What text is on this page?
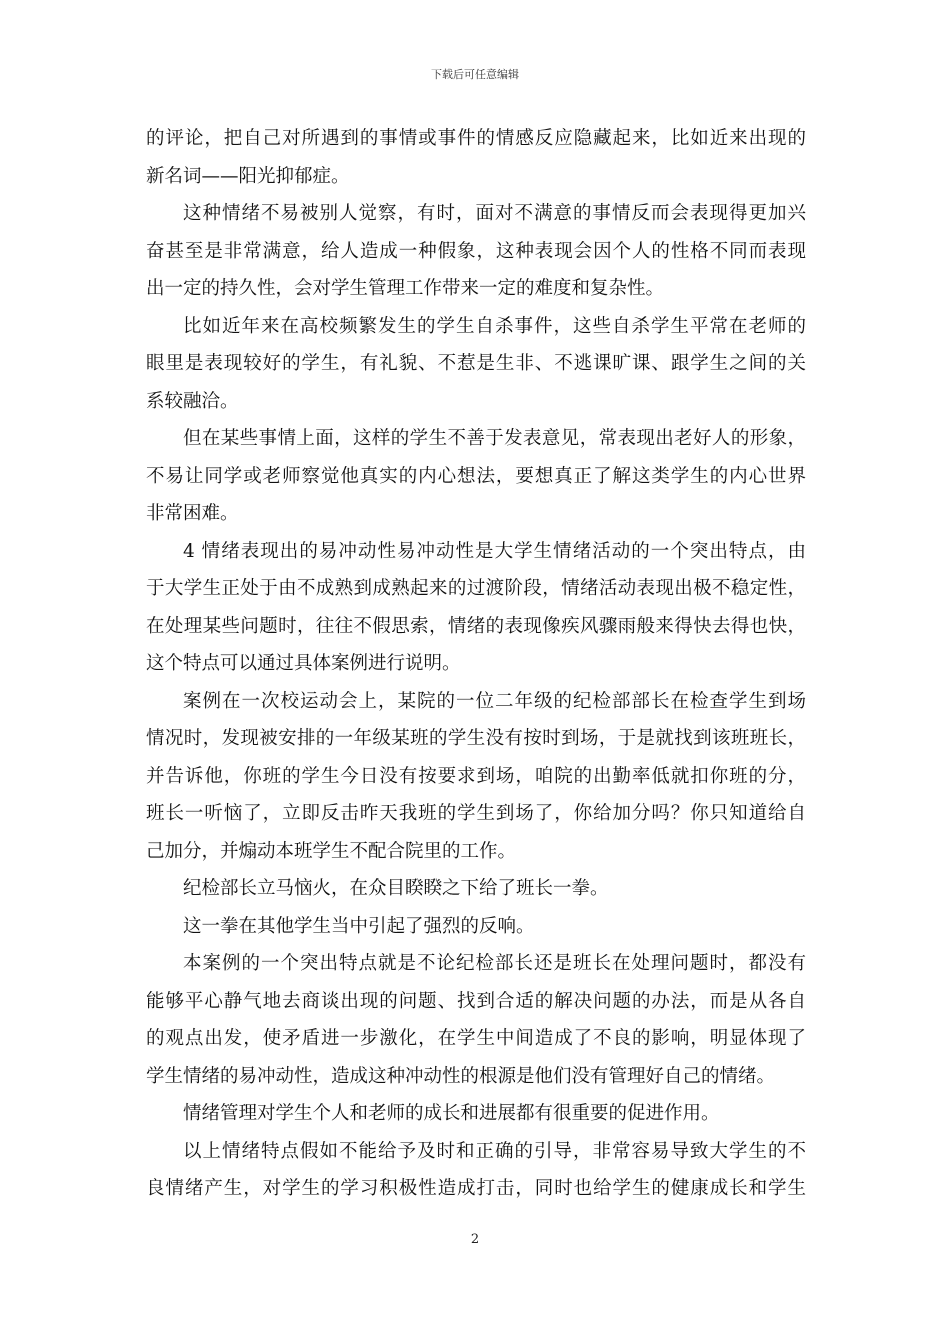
下载后可任意编辑
的评论，把自己对所遇到的事情或事件的情感反应隐藏起来，比如近来出现的
新名词——阳光抑郁症。
这种情绪不易被别人觉察，有时，面对不满意的事情反而会表现得更加兴
奋甚至是非常满意，给人造成一种假象，这种表现会因个人的性格不同而表现
出一定的持久性，会对学生管理工作带来一定的难度和复杂性。
比如近年来在高校频繁发生的学生自杀事件，这些自杀学生平常在老师的
眼里是表现较好的学生，有礼貌、不惹是生非、不逃课旷课、跟学生之间的关
系较融洽。
但在某些事情上面，这样的学生不善于发表意见，常表现出老好人的形象，
不易让同学或老师察觉他真实的内心想法，要想真正了解这类学生的内心世界
非常困难。
4 情绪表现出的易冲动性易冲动性是大学生情绪活动的一个突出特点，由
于大学生正处于由不成熟到成熟起来的过渡阶段，情绪活动表现出极不稳定性，
在处理某些问题时，往往不假思索，情绪的表现像疾风骤雨般来得快去得也快，
这个特点可以通过具体案例进行说明。
案例在一次校运动会上，某院的一位二年级的纪检部部长在检查学生到场
情况时，发现被安排的一年级某班的学生没有按时到场，于是就找到该班班长，
并告诉他，你班的学生今日没有按要求到场，咱院的出勤率低就扣你班的分，
班长一听恼了，立即反击昨天我班的学生到场了，你给加分吗？你只知道给自
己加分，并煽动本班学生不配合院里的工作。
纪检部长立马恼火，在众目睽睽之下给了班长一拳。
这一拳在其他学生当中引起了强烈的反响。
本案例的一个突出特点就是不论纪检部长还是班长在处理问题时，都没有
能够平心静气地去商谈出现的问题、找到合适的解决问题的办法，而是从各自
的观点出发，使矛盾进一步激化，在学生中间造成了不良的影响，明显体现了
学生情绪的易冲动性，造成这种冲动性的根源是他们没有管理好自己的情绪。
情绪管理对学生个人和老师的成长和进展都有很重要的促进作用。
以上情绪特点假如不能给予及时和正确的引导，非常容易导致大学生的不
良情绪产生，对学生的学习积极性造成打击，同时也给学生的健康成长和学生
2
